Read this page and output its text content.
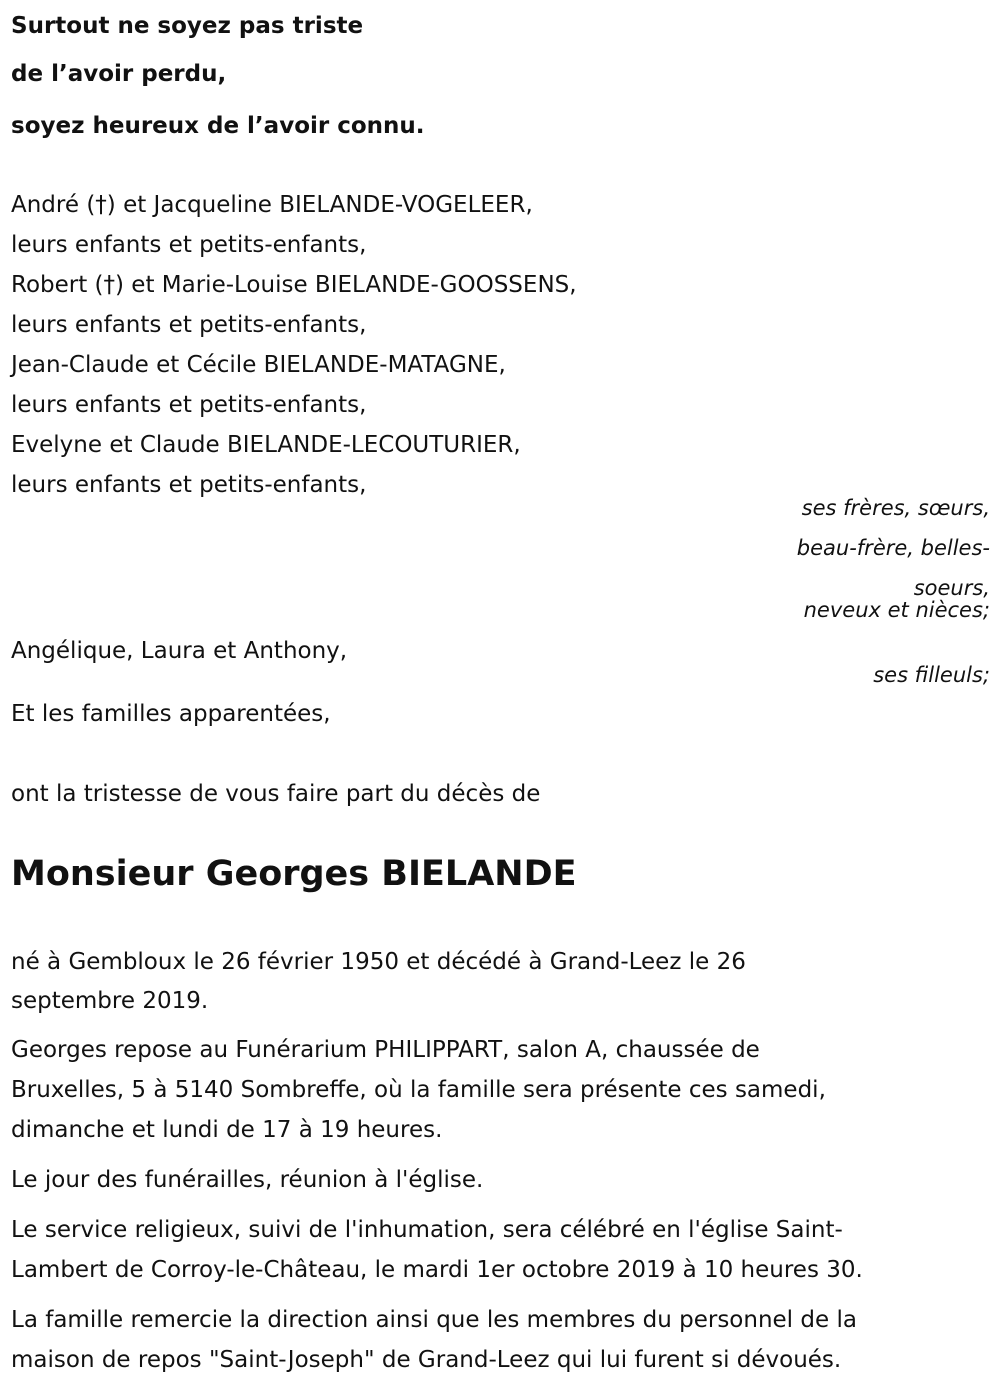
Surtout ne soyez pas triste
de l’avoir perdu,
soyez heureux de l’avoir connu.
André (†) et Jacqueline BIELANDE-VOGELEER,
leurs enfants et petits-enfants,
Robert (†) et Marie-Louise BIELANDE-GOOSSENS,
leurs enfants et petits-enfants,
Jean-Claude et Cécile BIELANDE-MATAGNE,
leurs enfants et petits-enfants,
Evelyne et Claude BIELANDE-LECOUTURIER,
leurs enfants et petits-enfants,
ses frères, sœurs,
beau-frère, belles-
soeurs,
neveux et nièces;
Angélique, Laura et Anthony,
ses filleuls;
Et les familles apparentées,
ont la tristesse de vous faire part du décès de
Monsieur Georges BIELANDE
né à Gembloux le 26 février 1950 et décédé à Grand-Leez le 26
septembre 2019.
Georges repose au Funérarium PHILIPPART, salon A, chaussée de
Bruxelles, 5 à 5140 Sombreffe, où la famille sera présente ces samedi,
dimanche et lundi de 17 à 19 heures.
Le jour des funérailles, réunion à l'église.
Le service religieux, suivi de l'inhumation, sera célébré en l'église Saint-
Lambert de Corroy-le-Château, le mardi 1er octobre 2019 à 10 heures 30.
La famille remercie la direction ainsi que les membres du personnel de la
maison de repos "Saint-Joseph" de Grand-Leez qui lui furent si dévoués.
